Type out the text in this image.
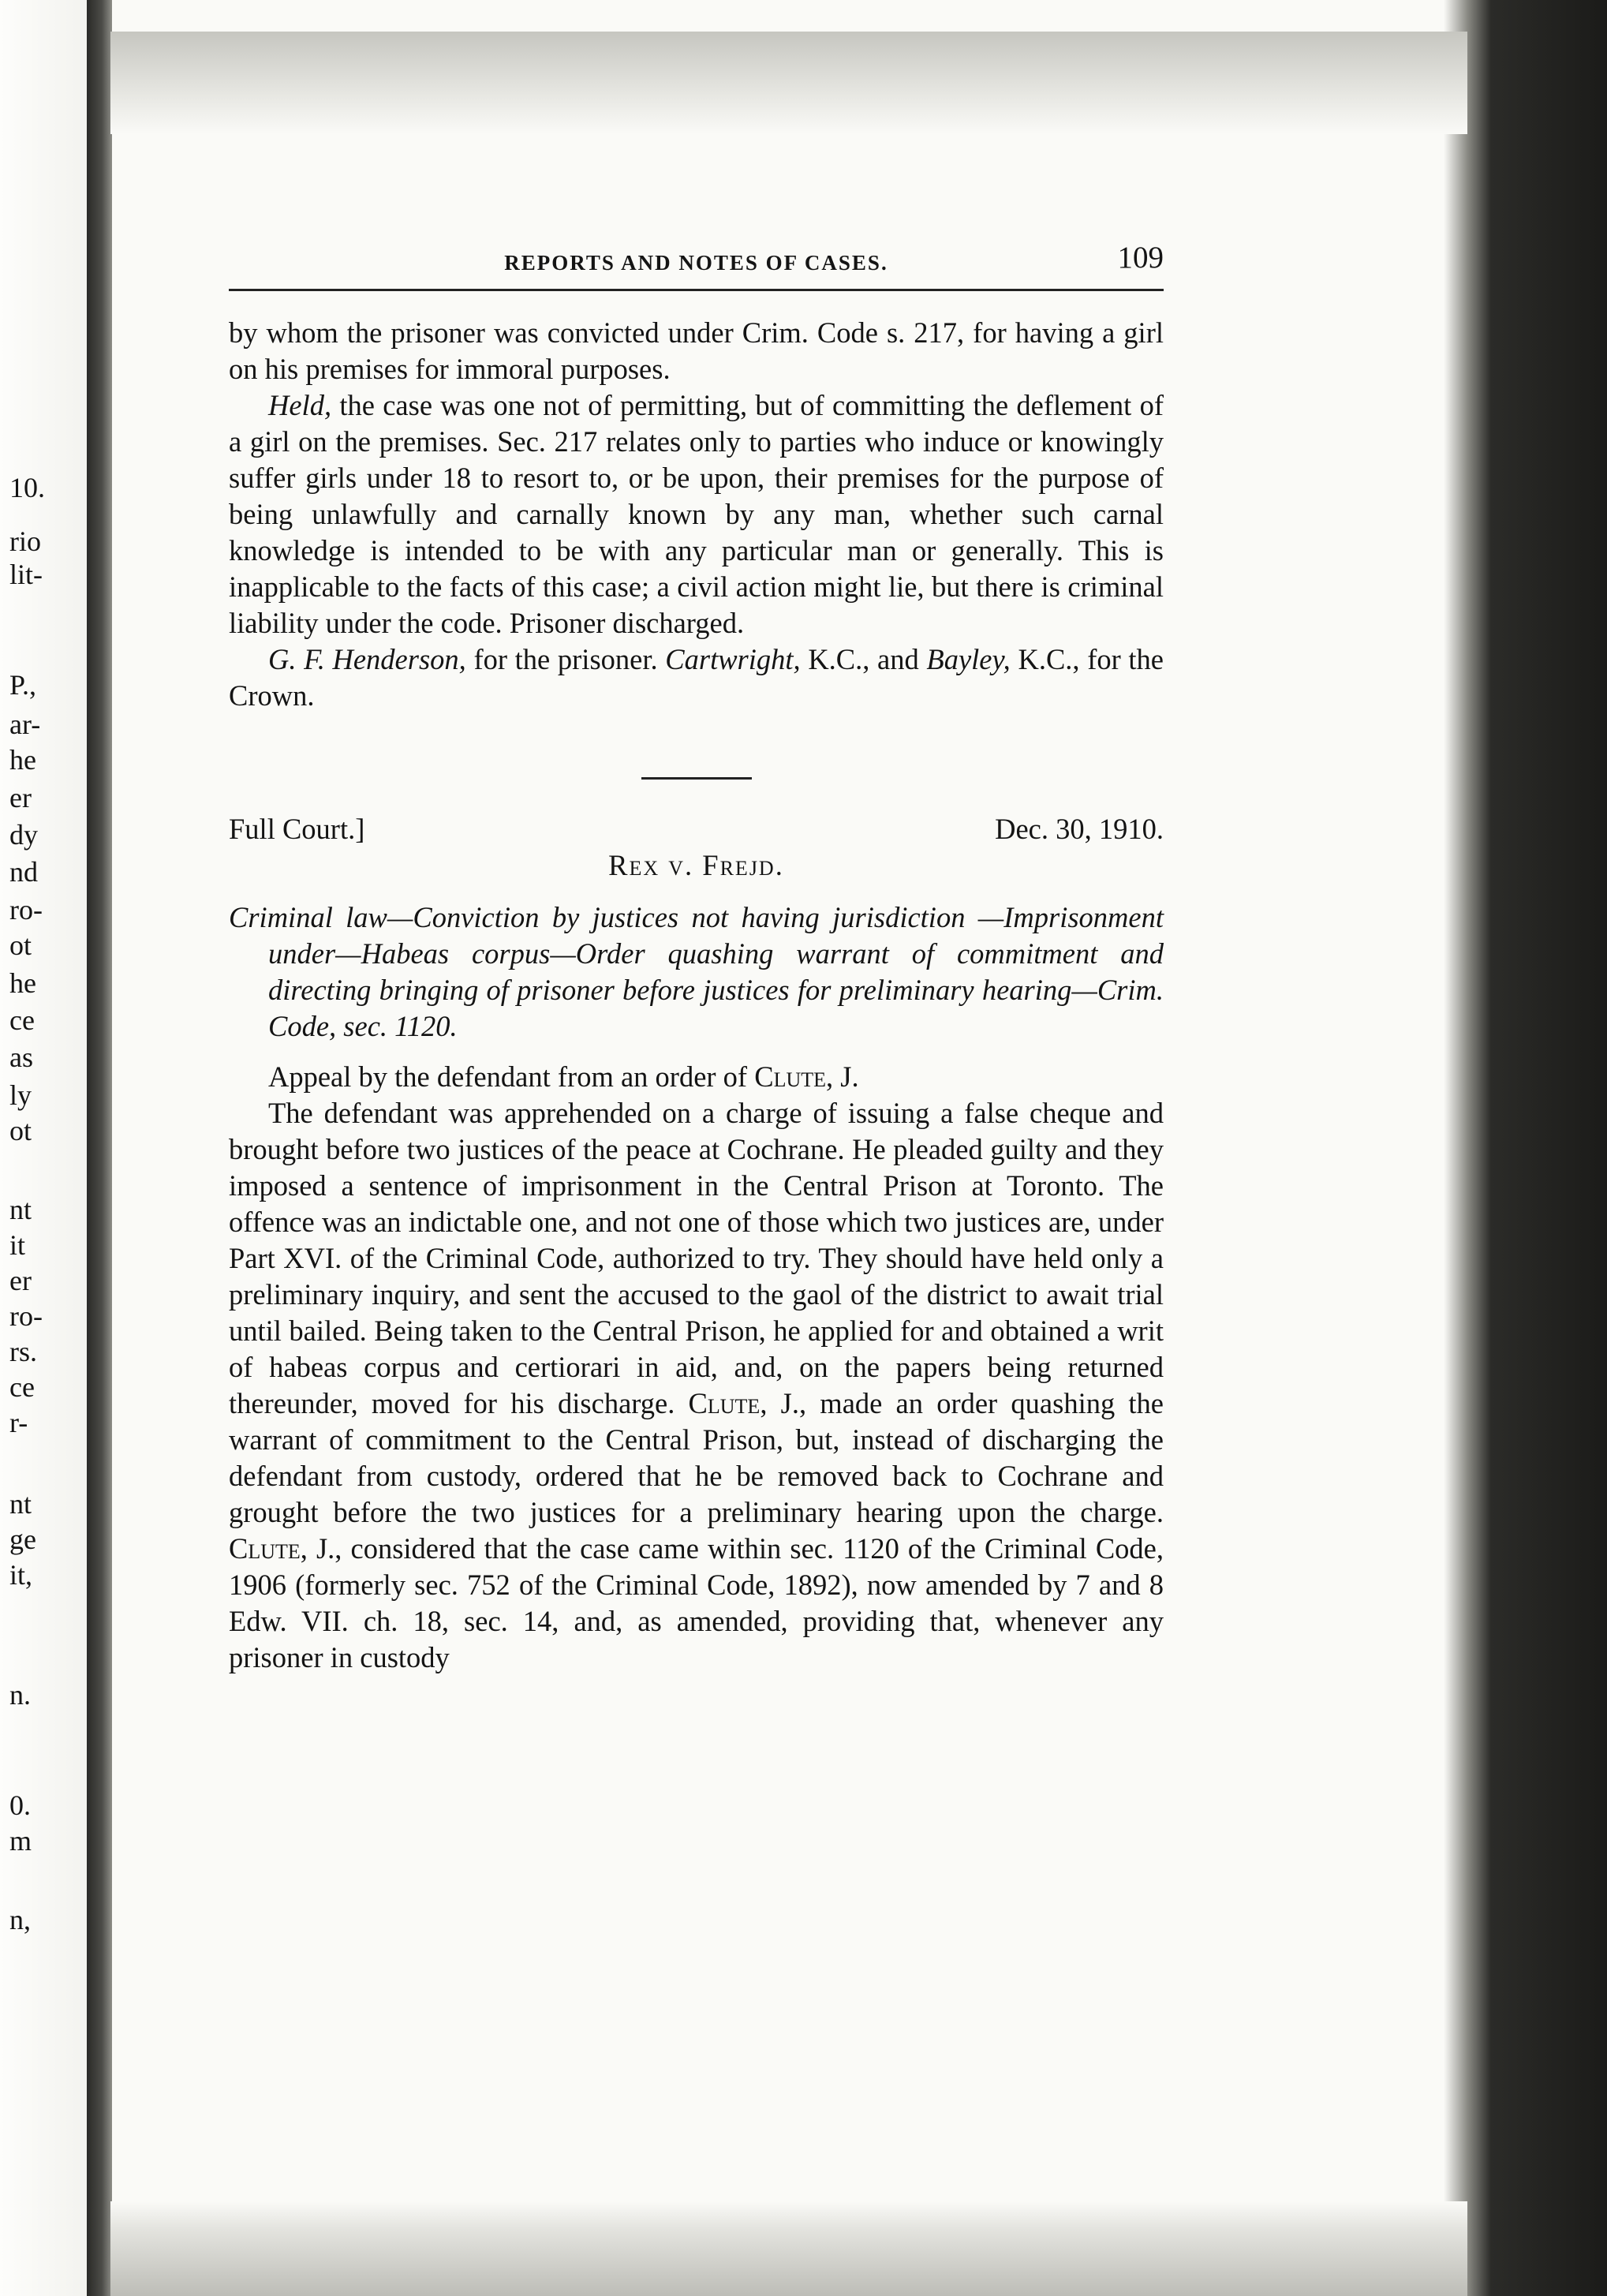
10.
rio
lit-
P.,
ar-
he
er
dy
nd
ro-
ot
he
ce
as
ly
ot
nt
it
er
ro-
rs.
ce
r-
nt
ge
it,
n.
0.
m
n,
REPORTS AND NOTES OF CASES.	109

by whom the prisoner was convicted under Crim. Code s. 217, for having a girl on his premises for immoral purposes.

Held, the case was one not of permitting, but of committing the deflement of a girl on the premises. Sec. 217 relates only to parties who induce or knowingly suffer girls under 18 to resort to, or be upon, their premises for the purpose of being unlawfully and carnally known by any man, whether such carnal knowledge is intended to be with any particular man or generally. This is inapplicable to the facts of this case; a civil action might lie, but there is criminal liability under the code. Prisoner discharged.

G. F. Henderson, for the prisoner. Cartwright, K.C., and Bayley, K.C., for the Crown.

Full Court.]	Dec. 30, 1910.
Rex v. Frejd.
Criminal law—Conviction by justices not having jurisdiction —Imprisonment under—Habeas corpus—Order quashing warrant of commitment and directing bringing of prisoner before justices for preliminary hearing—Crim. Code, sec. 1120.

Appeal by the defendant from an order of Clute, J.

The defendant was apprehended on a charge of issuing a false cheque and brought before two justices of the peace at Cochrane. He pleaded guilty and they imposed a sentence of imprisonment in the Central Prison at Toronto. The offence was an indictable one, and not one of those which two justices are, under Part XVI. of the Criminal Code, authorized to try. They should have held only a preliminary inquiry, and sent the accused to the gaol of the district to await trial until bailed. Being taken to the Central Prison, he applied for and obtained a writ of habeas corpus and certiorari in aid, and, on the papers being returned thereunder, moved for his discharge. Clute, J., made an order quashing the warrant of commitment to the Central Prison, but, instead of discharging the defendant from custody, ordered that he be removed back to Cochrane and grought before the two justices for a preliminary hearing upon the charge. Clute, J., considered that the case came within sec. 1120 of the Criminal Code, 1906 (formerly sec. 752 of the Criminal Code, 1892), now amended by 7 and 8 Edw. VII. ch. 18, sec. 14, and, as amended, providing that, whenever any prisoner in custody
